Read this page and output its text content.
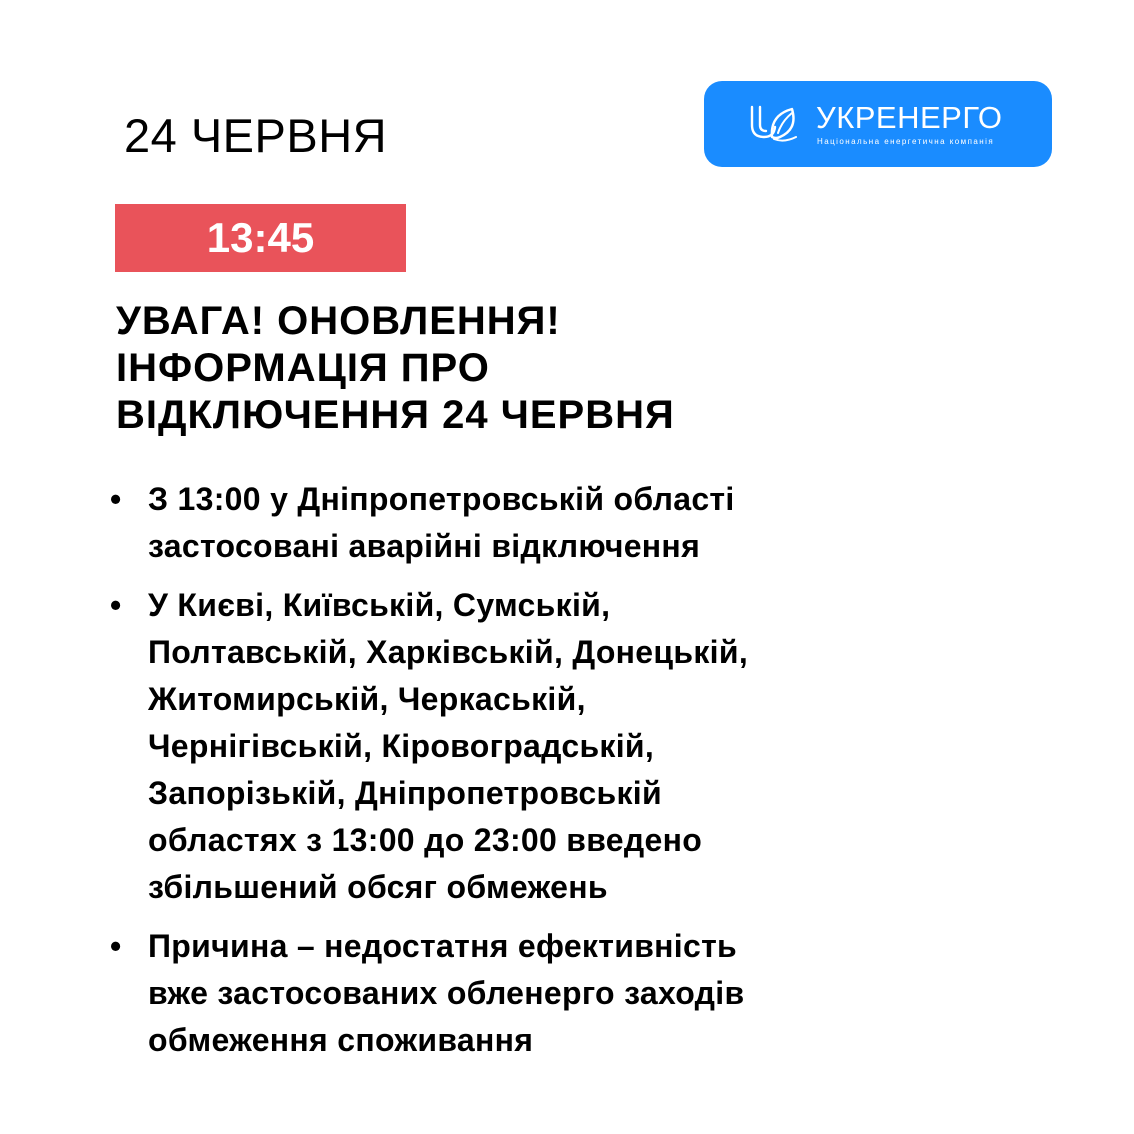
24 ЧЕРВНЯ	УКРЕНЕРГО
Національна енергетична компанія
13:45
УВАГА! ОНОВЛЕННЯ!
ІНФОРМАЦІЯ ПРО
ВІДКЛЮЧЕННЯ 24 ЧЕРВНЯ
• З 13:00 у Дніпропетровській області
застосовані аварійні відключення
• У Києві, Київській, Сумській,
Полтавській, Харківській, Донецькій,
Житомирській, Черкаській,
Чернігівській, Кіровоградській,
Запорізькій, Дніпропетровській
областях з 13:00 до 23:00 введено
збільшений обсяг обмежень
• Причина – недостатня ефективність
вже застосованих обленерго заходів
обмеження споживання
